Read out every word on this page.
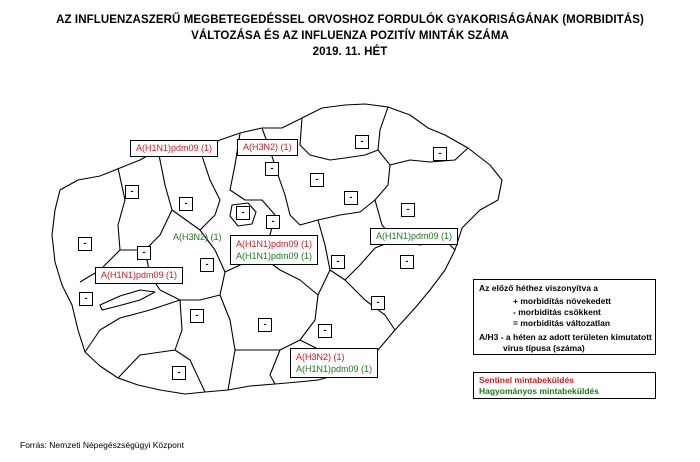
AZ INFLUENZASZERŰ MEGBETEGEDÉSSEL ORVOSHOZ FORDULÓK GYAKORISÁGÁNAK (MORBIDITÁS)
VÁLTOZÁSA ÉS AZ INFLUENZA POZITÍV MINTÁK SZÁMA
2019. 11. HÉT
-
-
-
-
-
-
-
-
-
-
-
-
-
-
-
-
-
-	-
-
-
A(H1N1)pdm09 (1)	A(H3N2) (1)
A(H3N2) (1)
A(H1N1)pdm09 (1)
A(H1N1)pdm09 (1)
A(H1N1)pdm09 (1)
A(H1N1)pdm09 (1)
A(H3N2) (1)
A(H1N1)pdm09 (1)
Az előző héthez viszonyítva a
+ morbiditás növekedett
- morbiditás csökkent
= morbiditás változatlan
A/H3 - a héten az adott területen kimutatott
vírus típusa (száma)
Sentinel mintabeküldés
Hagyományos mintabeküldés
Forrás: Nemzeti Népegészségügyi Központ
